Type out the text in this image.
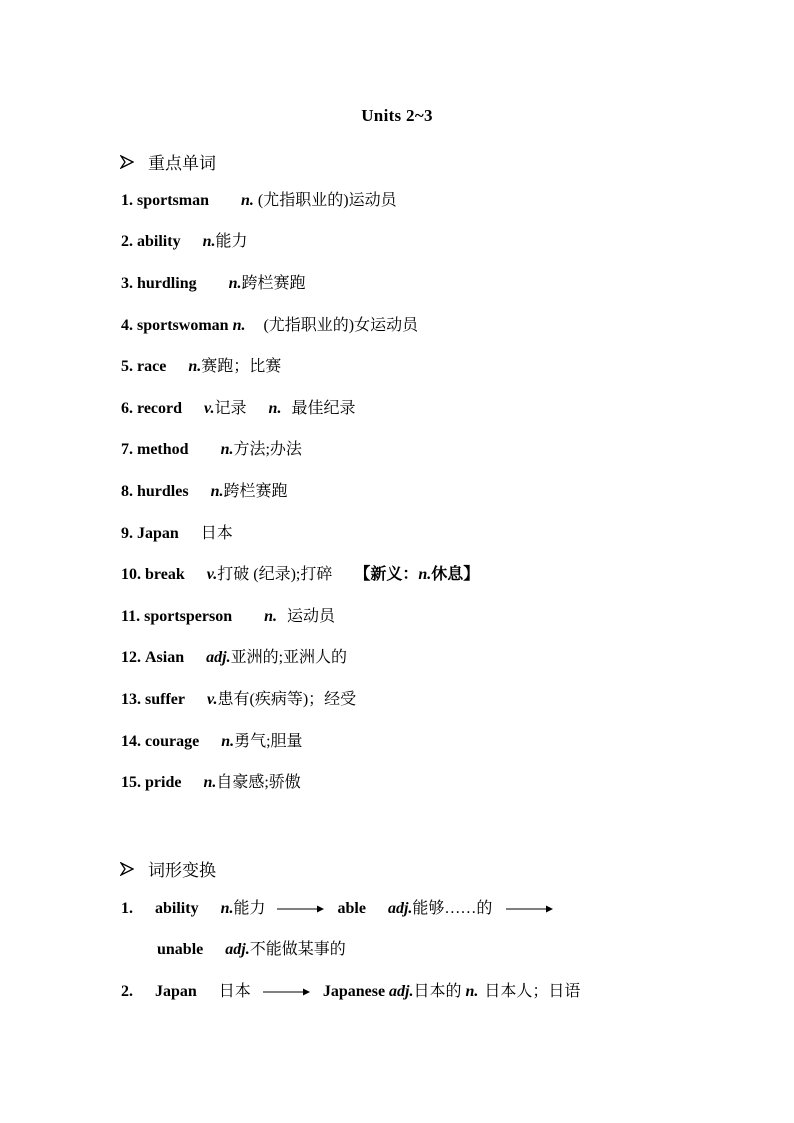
Units 2~3
重点单词
1. sportsman n. (尤指职业的)运动员
2. ability n.能力
3. hurdling n.跨栏赛跑
4. sportswoman n. (尤指职业的)女运动员
5. race n.赛跑；比赛
6. record v.记录 n. 最佳纪录
7. method n.方法;办法
8. hurdles n.跨栏赛跑
9. Japan 日本
10. break v.打破 (纪录);打碎 【新义：n.休息】
11. sportsperson n. 运动员
12. Asian adj.亚洲的;亚洲人的
13. suffer v.患有(疾病等)；经受
14. courage n.勇气;胆量
15. pride n.自豪感;骄傲
词形变换
1. ability n.能力	able adj.能够……的
unable adj.不能做某事的
2. Japan 日本	Japanese adj.日本的 n. 日本人；日语
